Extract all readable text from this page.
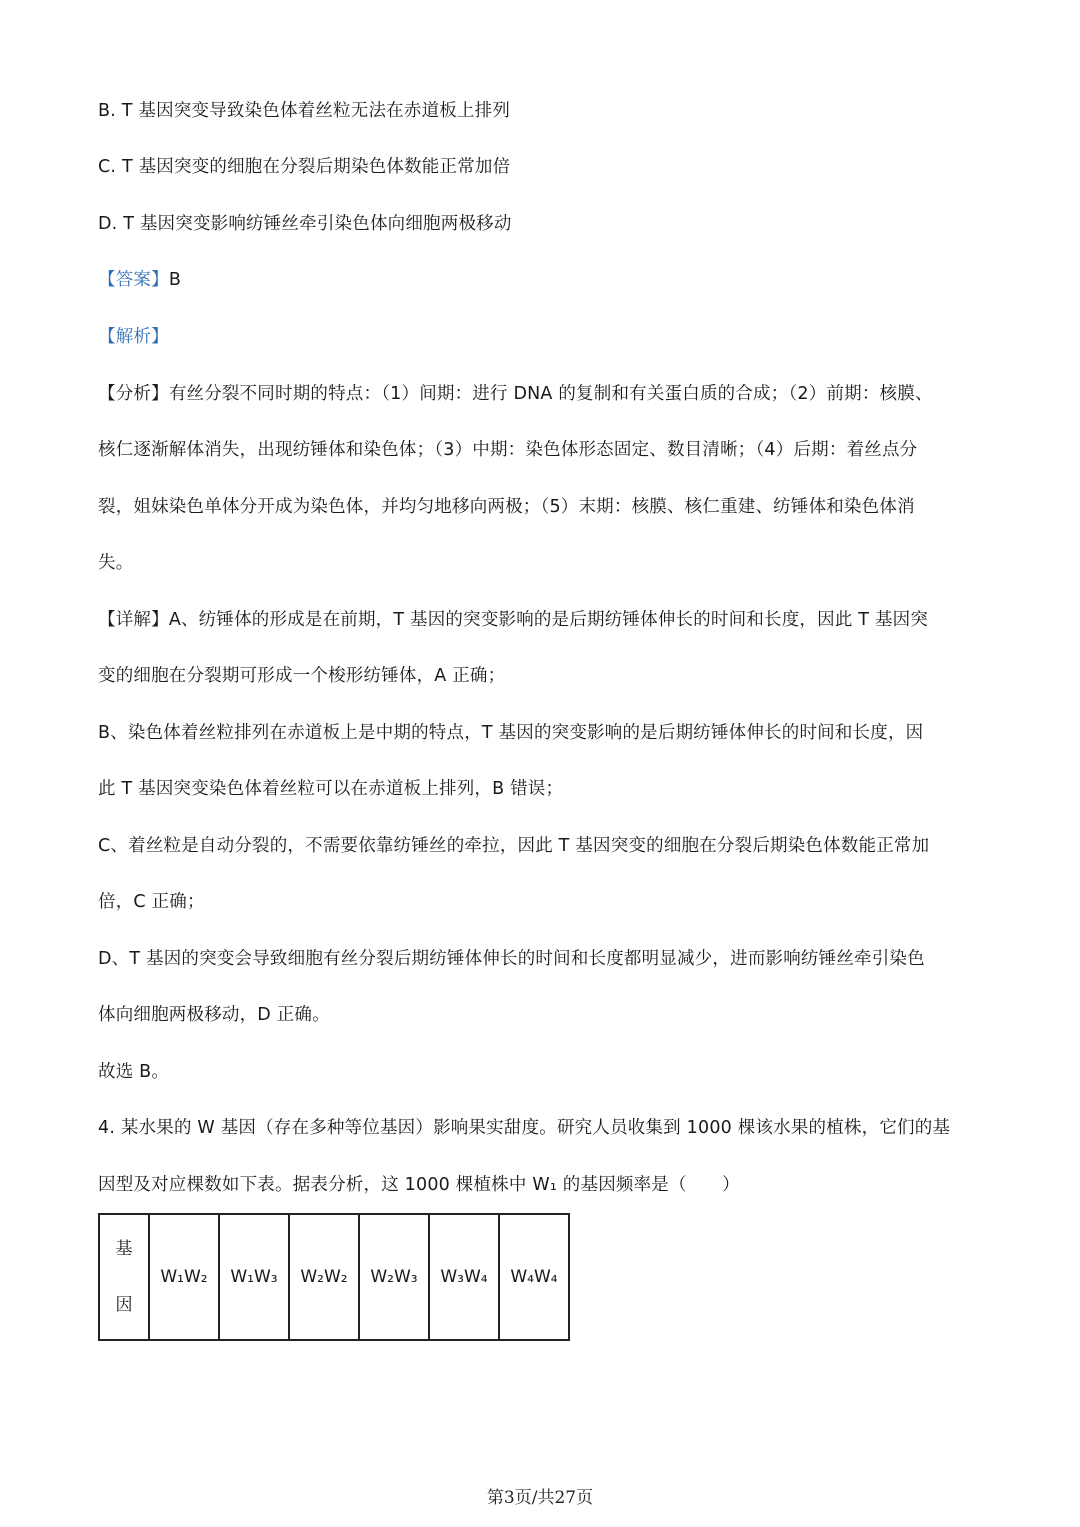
B. T 基因突变导致染色体着丝粒无法在赤道板上排列
C. T 基因突变的细胞在分裂后期染色体数能正常加倍
D. T 基因突变影响纺锤丝牵引染色体向细胞两极移动
【答案】B
【解析】
【分析】有丝分裂不同时期的特点：（1）间期：进行 DNA 的复制和有关蛋白质的合成；（2）前期：核膜、
核仁逐渐解体消失，出现纺锤体和染色体；（3）中期：染色体形态固定、数目清晰；（4）后期：着丝点分
裂，姐妹染色单体分开成为染色体，并均匀地移向两极；（5）末期：核膜、核仁重建、纺锤体和染色体消
失。
【详解】A、纺锤体的形成是在前期，T 基因的突变影响的是后期纺锤体伸长的时间和长度，因此 T 基因突
变的细胞在分裂期可形成一个梭形纺锤体，A 正确；
B、染色体着丝粒排列在赤道板上是中期的特点，T 基因的突变影响的是后期纺锤体伸长的时间和长度，因
此 T 基因突变染色体着丝粒可以在赤道板上排列，B 错误；
C、着丝粒是自动分裂的，不需要依靠纺锤丝的牵拉，因此 T 基因突变的细胞在分裂后期染色体数能正常加
倍，C 正确；
D、T 基因的突变会导致细胞有丝分裂后期纺锤体伸长的时间和长度都明显减少，进而影响纺锤丝牵引染色
体向细胞两极移动，D 正确。
故选 B。
4. 某水果的 W 基因（存在多种等位基因）影响果实甜度。研究人员收集到 1000 棵该水果的植株，它们的基
因型及对应棵数如下表。据表分析，这 1000 棵植株中 W₁ 的基因频率是（　　）
基
因
	W₁W₂	W₁W₃	W₂W₂	W₂W₃	W₃W₄	W₄W₄
第3页/共27页
